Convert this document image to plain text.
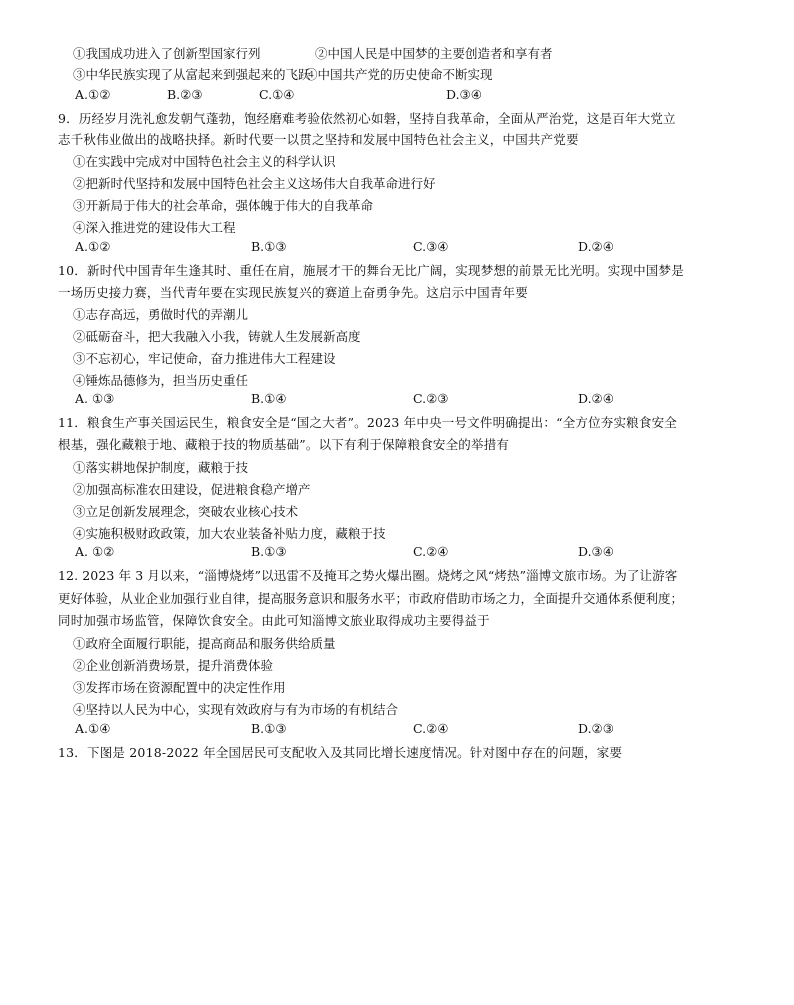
①我国成功进入了创新型国家行列	②中国人民是中国梦的主要创造者和享有者
③中华民族实现了从富起来到强起来的飞跃
④中国共产党的历史使命不断实现
A.①②	B.②③	C.①④	D.③④
9．历经岁月洗礼愈发朝气蓬勃，饱经磨难考验依然初心如磐，坚持自我革命，全面从严治党，这是百年大党立
志千秋伟业做出的战略抉择。新时代要一以贯之坚持和发展中国特色社会主义，中国共产党要
①在实践中完成对中国特色社会主义的科学认识
②把新时代坚持和发展中国特色社会主义这场伟大自我革命进行好
③开新局于伟大的社会革命，强体魄于伟大的自我革命
④深入推进党的建设伟大工程
A.①②	B.①③	C.③④	D.②④
10．新时代中国青年生逢其时、重任在肩，施展才干的舞台无比广阔，实现梦想的前景无比光明。实现中国梦是
一场历史接力赛，当代青年要在实现民族复兴的赛道上奋勇争先。这启示中国青年要
①志存高远，勇做时代的弄潮儿
②砥砺奋斗，把大我融入小我，铸就人生发展新高度
③不忘初心，牢记使命，奋力推进伟大工程建设
④锤炼品德修为，担当历史重任
A. ①③	B.①④	C.②③	D.②④
11．粮食生产事关国运民生，粮食安全是“国之大者”。2023 年中央一号文件明确提出：“全方位夯实粮食安全
根基，强化藏粮于地、藏粮于技的物质基础”。以下有利于保障粮食安全的举措有
①落实耕地保护制度，藏粮于技
②加强高标准农田建设，促进粮食稳产增产
③立足创新发展理念，突破农业核心技术
④实施积极财政政策，加大农业装备补贴力度，藏粮于技
A. ①②	B.①③	C.②④	D.③④
12. 2023 年 3 月以来，“淄博烧烤”以迅雷不及掩耳之势火爆出圈。烧烤之风“烤热”淄博文旅市场。为了让游客
更好体验，从业企业加强行业自律，提高服务意识和服务水平；市政府借助市场之力，全面提升交通体系便利度；
同时加强市场监管，保障饮食安全。由此可知淄博文旅业取得成功主要得益于
①政府全面履行职能，提高商品和服务供给质量
②企业创新消费场景，提升消费体验
③发挥市场在资源配置中的决定性作用
④坚持以人民为中心，实现有效政府与有为市场的有机结合
A.①④	B.①③	C.②④	D.②③
13．下图是 2018-2022 年全国居民可支配收入及其同比增长速度情况。针对图中存在的问题，家要
